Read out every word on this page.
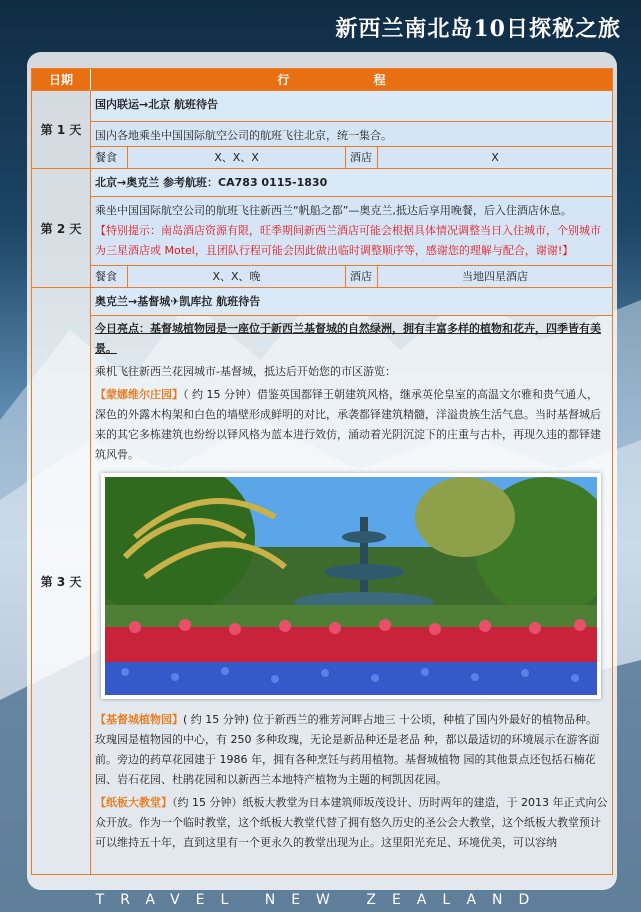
新西兰南北岛10日探秘之旅
日期	行 程
第 1 天
国内联运→北京 航班待告
国内各地乘坐中国国际航空公司的航班飞往北京，统一集合。
餐食	X、X、X	酒店	X
第 2 天
北京→奥克兰 参考航班：CA783 0115-1830
乘坐中国国际航空公司的航班飞往新西兰“帆船之都”—奥克兰,抵达后享用晚餐，后入住酒店休息。
【特别提示：南岛酒店资源有限，旺季期间新西兰酒店可能会根据具体情况调整当日入住城市，个别城市为三星酒店或 Motel，且团队行程可能会因此做出临时调整顺序等，感谢您的理解与配合，谢谢!】
餐食	X、X、晚	酒店	当地四星酒店
第 3 天
奥克兰→基督城✈凯库拉 航班待告
今日亮点：基督城植物园是一座位于新西兰基督城的自然绿洲，拥有丰富多样的植物和花卉，四季皆有美景。
乘机飞往新西兰花园城市-基督城，抵达后开始您的市区游览：
【蒙娜维尔庄园】（ 约 15 分钟）借鉴英国都铎王朝建筑风格，继承英伦皇室的高温文尔雅和贵气通人，深色的外露木构架和白色的墙壁形成鲜明的对比，承袭都铎建筑精髓，洋溢贵族生活气息。当时基督城后来的其它多栋建筑也纷纷以铎风格为蓝本进行效仿，涌动着光阴沉淀下的庄重与古朴，再现久违的都铎建筑风骨。
【基督城植物园】( 约 15 分钟) 位于新西兰的雅芳河畔占地三 十公顷，种植了国内外最好的植物品种。玫瑰园是植物园的中心，有 250 多种玫瑰，无论是新品种还是老品 种，都以最适切的环境展示在游客面前。旁边的药草花园建于 1986 年，拥有各种烹饪与药用植物。基督城植物 园的其他景点还包括石楠花园、岩石花园、杜鹃花园和以新西兰本地特产植物为主题的柯凯因花园。
【纸板大教堂】（约 15 分钟）纸板大教堂为日本建筑师坂茂设计、历时两年的建造，于 2013 年正式向公众开放。作为一个临时教堂，这个纸板大教堂代替了拥有悠久历史的圣公会大教堂，这个纸板大教堂预计可以维持五十年，直到这里有一个更永久的教堂出现为止。这里阳光充足、环境优美，可以容纳
TRAVEL NEW ZEALAND
